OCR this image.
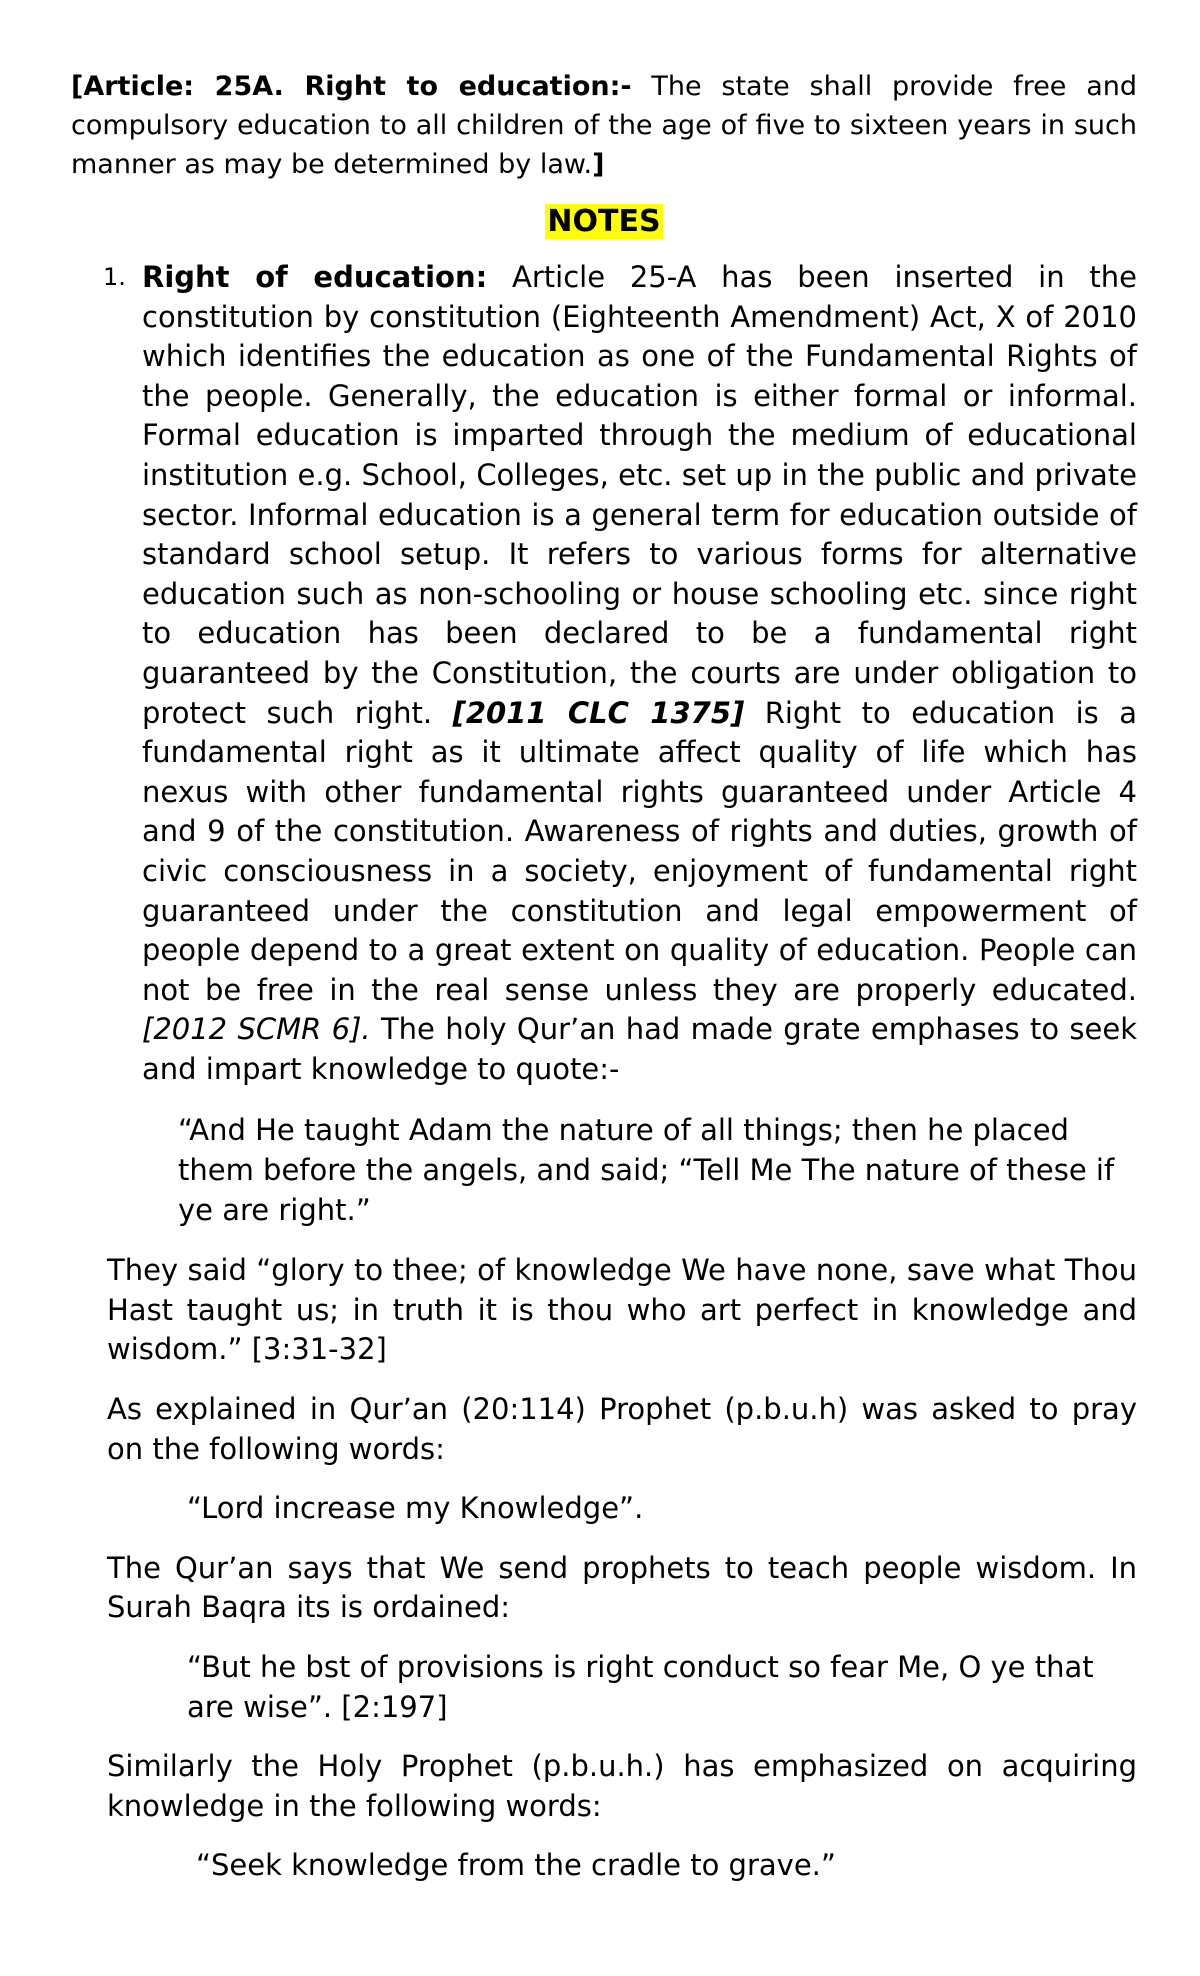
[Article: 25A. Right to education:- The state shall provide free and compulsory education to all children of the age of five to sixteen years in such manner as may be determined by law.]

NOTES
1. Right of education: Article 25-A has been inserted in the constitution by constitution (Eighteenth Amendment) Act, X of 2010 which identifies the education as one of the Fundamental Rights of the people. Generally, the education is either formal or informal. Formal education is imparted through the medium of educational institution e.g. School, Colleges, etc. set up in the public and private sector. Informal education is a general term for education outside of standard school setup. It refers to various forms for alternative education such as non-schooling or house schooling etc. since right to education has been declared to be a fundamental right guaranteed by the Constitution, the courts are under obligation to protect such right. [2011 CLC 1375] Right to education is a fundamental right as it ultimate affect quality of life which has nexus with other fundamental rights guaranteed under Article 4 and 9 of the constitution. Awareness of rights and duties, growth of civic consciousness in a society, enjoyment of fundamental right guaranteed under the constitution and legal empowerment of people depend to a great extent on quality of education. People can not be free in the real sense unless they are properly educated. [2012 SCMR 6]. The holy Qur’an had made grate emphases to seek and impart knowledge to quote:-

“And He taught Adam the nature of all things; then he placed them before the angels, and said; “Tell Me The nature of these if ye are right.”

They said “glory to thee; of knowledge We have none, save what Thou Hast taught us; in truth it is thou who art perfect in knowledge and wisdom.” [3:31-32]

As explained in Qur’an (20:114) Prophet (p.b.u.h) was asked to pray on the following words:

“Lord increase my Knowledge”.

The Qur’an says that We send prophets to teach people wisdom. In Surah Baqra its is ordained:

“But he bst of provisions is right conduct so fear Me, O ye that are wise”. [2:197]

Similarly the Holy Prophet (p.b.u.h.) has emphasized on acquiring knowledge in the following words:

“Seek knowledge from the cradle to grave.”
